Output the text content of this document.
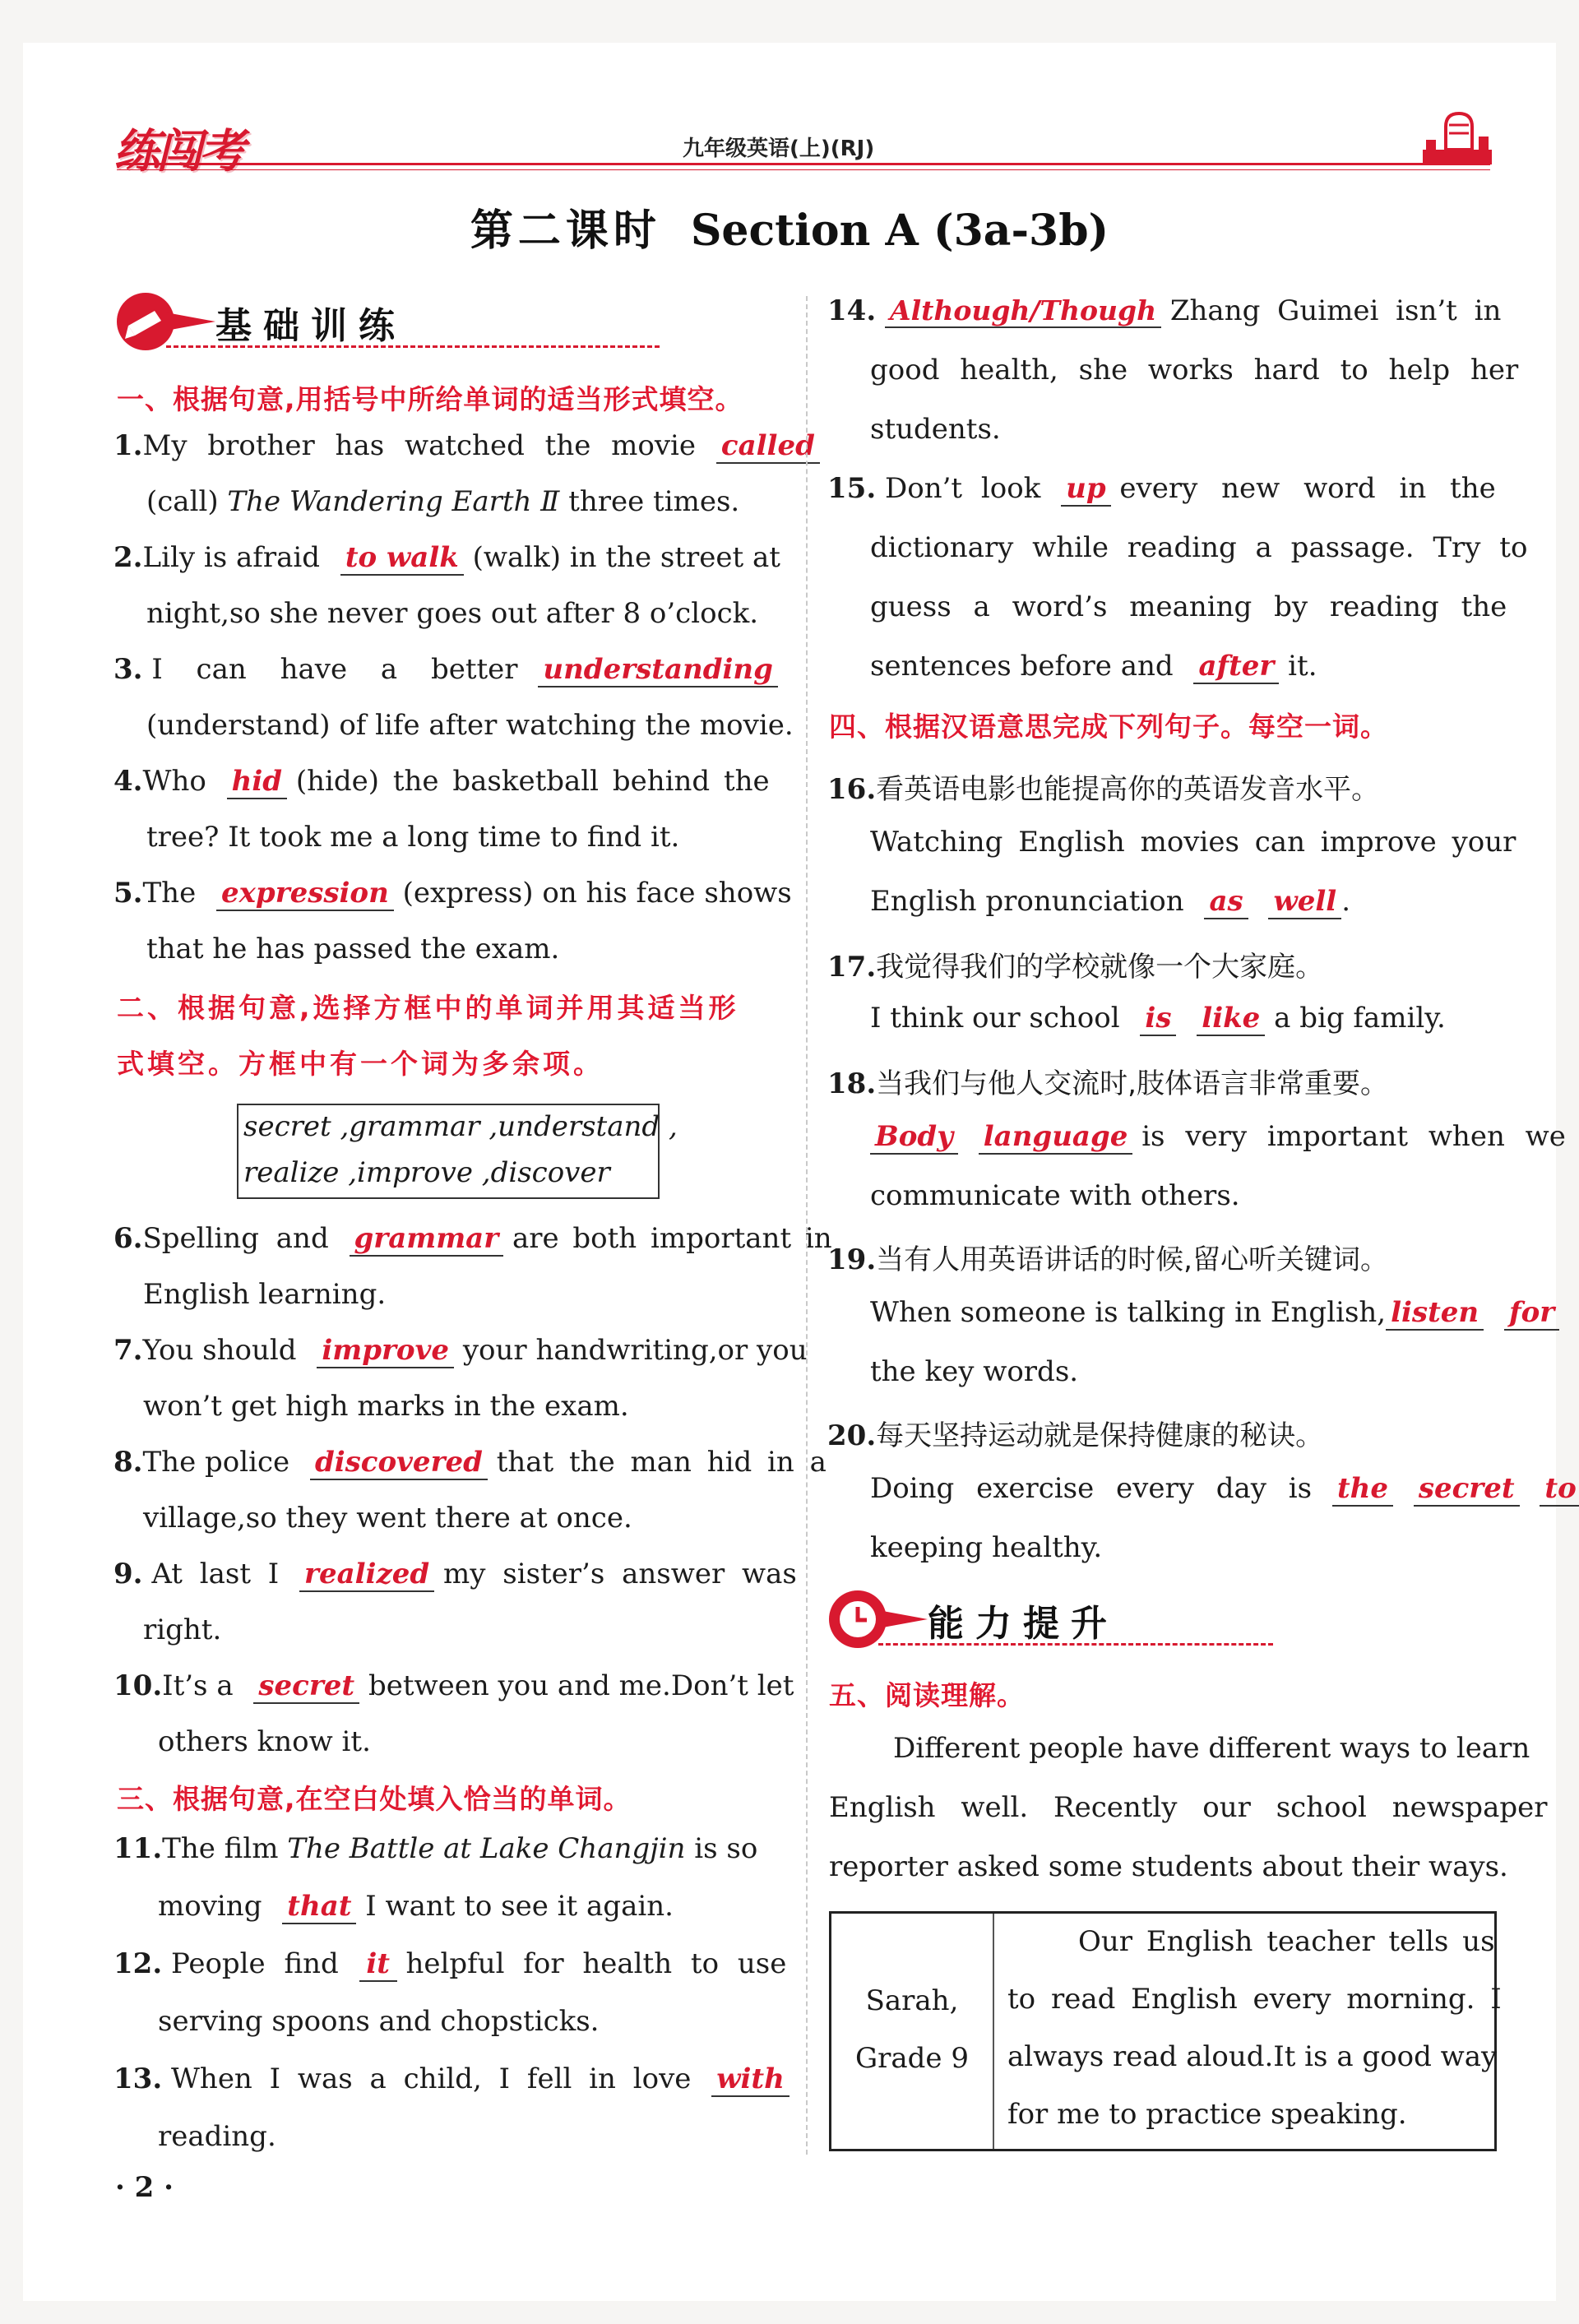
练闯考	九年级英语(上)(RJ)
第二课时 Section A (3a-3b)
基础训练
一、根据句意,用括号中所给单词的适当形式填空。
1.My brother has watched the movie called
(call) The Wandering Earth Ⅱ three times.
2.Lily is afraid to walk (walk) in the street at
night,so she never goes out after 8 o’clock.
3. I can have a better understanding
(understand) of life after watching the movie.
4.Who hid (hide) the basketball behind the
tree? It took me a long time to find it.
5.The expression (express) on his face shows
that he has passed the exam.
二、根据句意,选择方框中的单词并用其适当形
式填空。方框中有一个词为多余项。
secret ,grammar ,understand ,
realize ,improve ,discover
6.Spelling and grammar are both important in
English learning.
7.You should improve your handwriting,or you
won’t get high marks in the exam.
8.The police discovered that the man hid in a
village,so they went there at once.
9. At last I realized my sister’s answer was
right.
10.It’s a secret between you and me.Don’t let
others know it.
三、根据句意,在空白处填入恰当的单词。
11.The film The Battle at Lake Changjin is so
moving that I want to see it again.
12. People find it helpful for health to use
serving spoons and chopsticks.
13. When I was a child, I fell in love with
reading.
· 2 ·
14. Although/Though Zhang Guimei isn’t in
good health, she works hard to help her
students.
15. Don’t look up every new word in the
dictionary while reading a passage. Try to
guess a word’s meaning by reading the
sentences before and after it.
四、根据汉语意思完成下列句子。每空一词。
16.看英语电影也能提高你的英语发音水平。
Watching English movies can improve your
English pronunciation as well .
17.我觉得我们的学校就像一个大家庭。
I think our school is like a big family.
18.当我们与他人交流时,肢体语言非常重要。
Body language is very important when we
communicate with others.
19.当有人用英语讲话的时候,留心听关键词。
When someone is talking in English, listen for
the key words.
20.每天坚持运动就是保持健康的秘诀。
Doing exercise every day is the secret to
keeping healthy.
能力提升
五、阅读理解。
Different people have different ways to learn
English well. Recently our school newspaper
reporter asked some students about their ways.
Sarah,
Grade 9
Our English teacher tells us
to read English every morning. I
always read aloud.It is a good way
for me to practice speaking.
